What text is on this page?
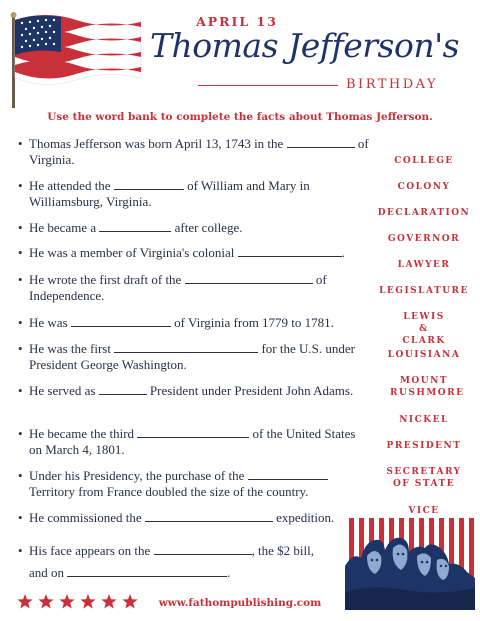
APRIL 13
Thomas Jefferson's
BIRTHDAY
Use the word bank to complete the facts about Thomas Jefferson.
• Thomas Jefferson was born April 13, 1743 in the	of Virginia.
• He attended the	of William and Mary in Williamsburg, Virginia.
• He became a	after college.
• He was a member of Virginia's colonial	.
• He wrote the first draft of the	of Independence.
• He was	of Virginia from 1779 to 1781.
• He was the first	for the U.S. under President George Washington.
• He served as	President under President John Adams.
• He became the third	of the United States on March 4, 1801.
• Under his Presidency, the purchase of the  Territory from France doubled the size of the country.
• He commissioned the	expedition.
• His face appears on the	, the $2 bill, and on	.
COLLEGE
COLONY
DECLARATION
GOVERNOR
LAWYER
LEGISLATURE
LEWIS & CLARK
LOUISIANA
MOUNT RUSHMORE
NICKEL
PRESIDENT
SECRETARY OF STATE
VICE
www.fathompublishing.com
